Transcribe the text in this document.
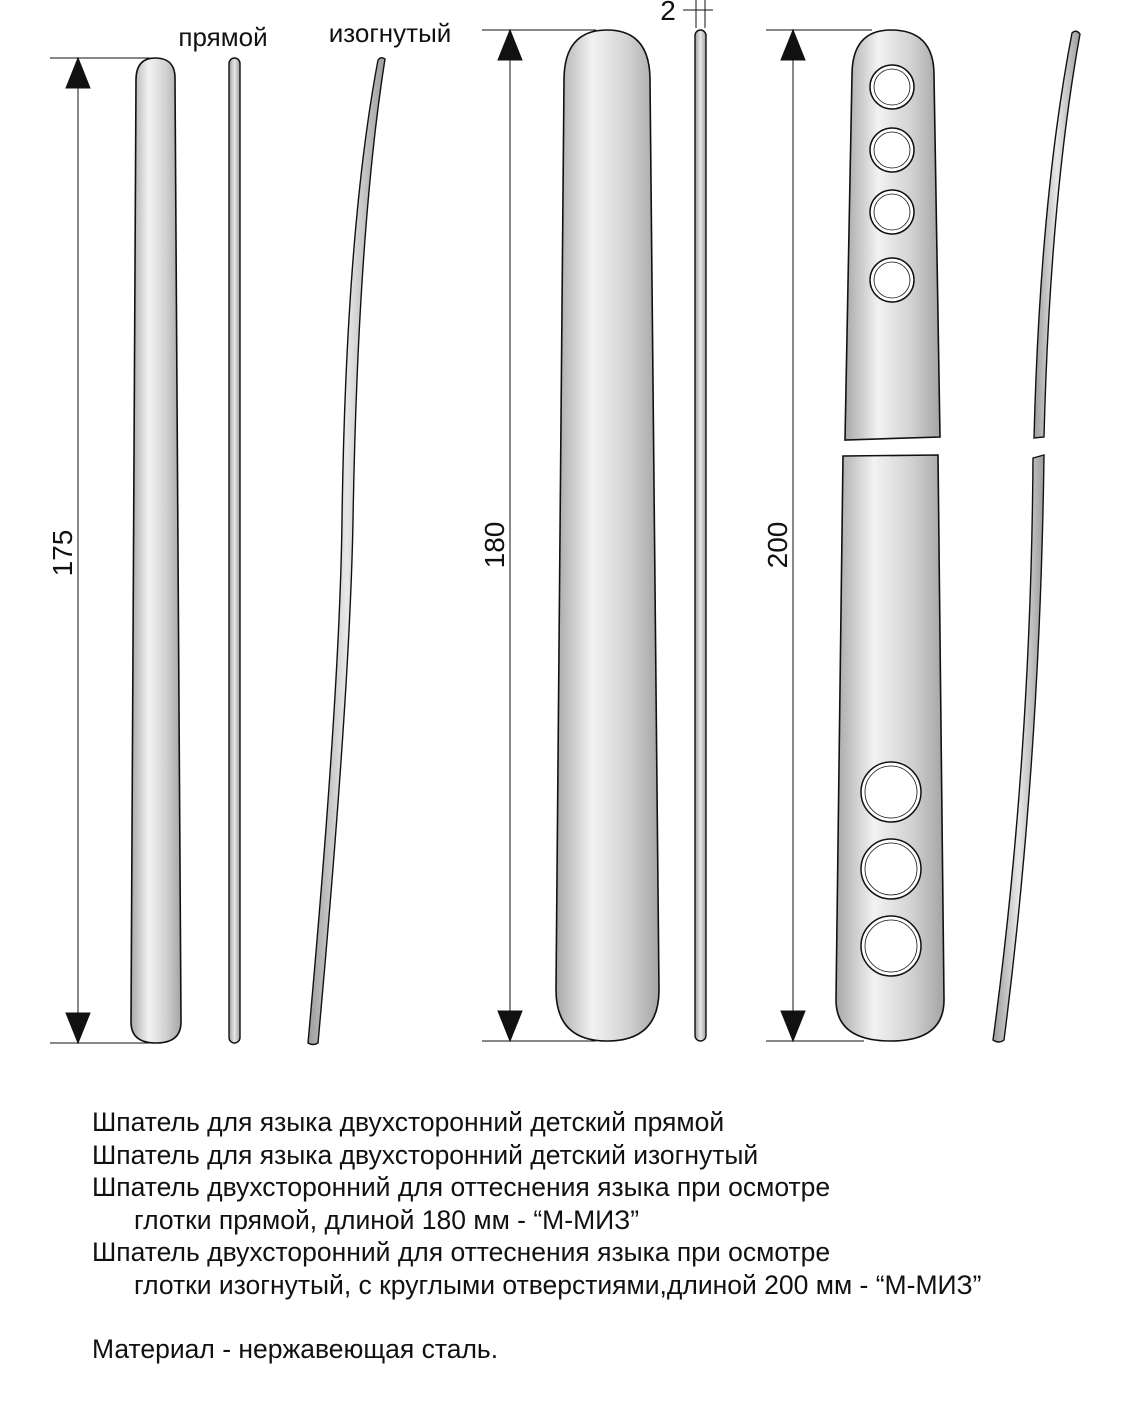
175
прямой изогнутый
180
2
200
Шпатель для языка двухсторонний детский прямой
Шпатель для языка двухсторонний детский изогнутый
Шпатель двухсторонний для оттеснения языка при осмотре
глотки прямой, длиной 180 мм - “М-МИЗ”
Шпатель двухсторонний для оттеснения языка при осмотре
глотки изогнутый, с круглыми отверстиями,длиной 200 мм - “М-МИЗ”
Материал - нержавеющая сталь.
